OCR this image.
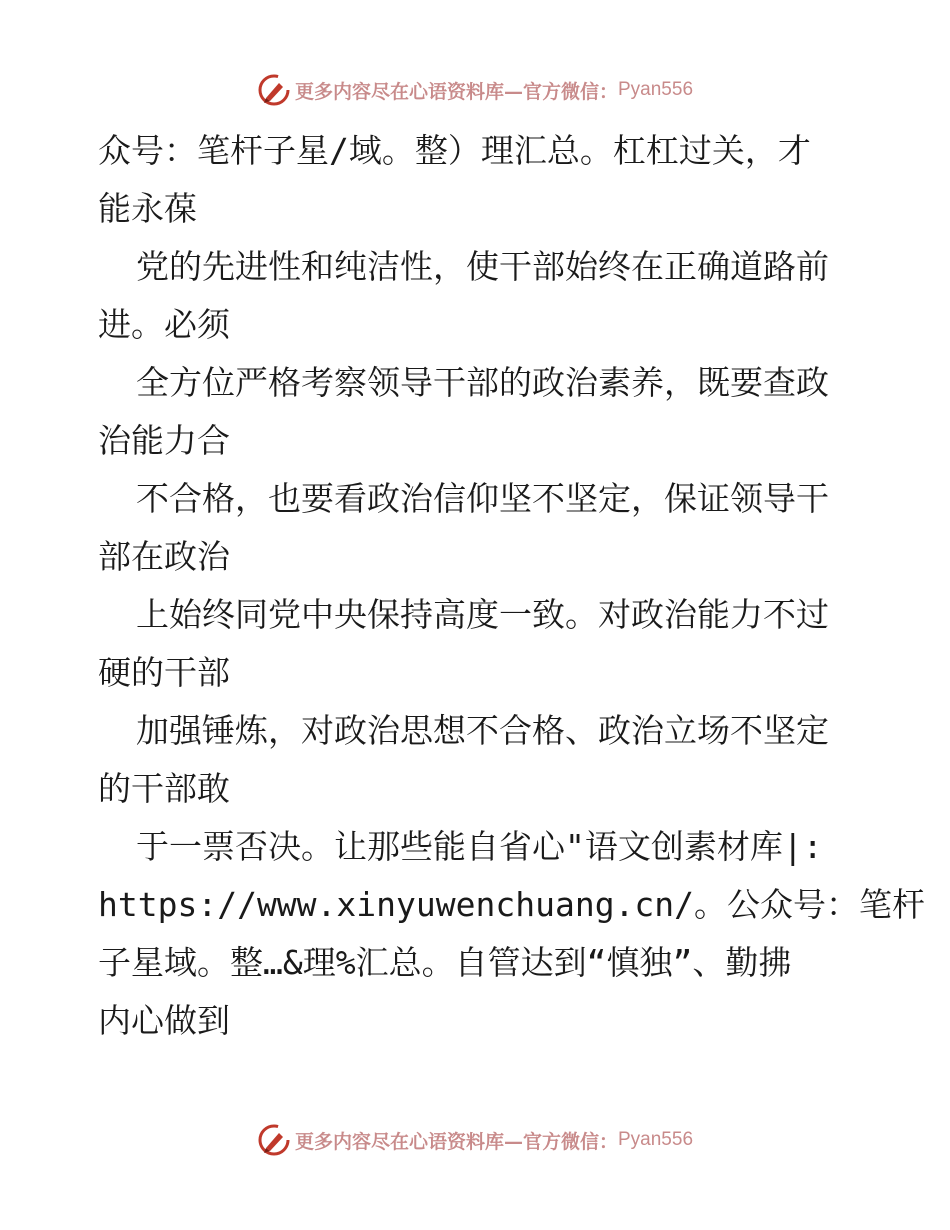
更多内容尽在心语资料库—官方微信： Pyan556
众号：笔杆子星/域。整）理汇总。杠杠过关，才
能永葆
党的先进性和纯洁性，使干部始终在正确道路前
进。必须
全方位严格考察领导干部的政治素养，既要查政
治能力合
不合格，也要看政治信仰坚不坚定，保证领导干
部在政治
上始终同党中央保持高度一致。对政治能力不过
硬的干部
加强锤炼，对政治思想不合格、政治立场不坚定
的干部敢
于一票否决。让那些能自省心"语文创素材库|:
https://www.xinyuwenchuang.cn/。公众号：笔杆
子星域。整…&理%汇总。自管达到“慎独”、勤拂
内心做到
更多内容尽在心语资料库—官方微信： Pyan556
